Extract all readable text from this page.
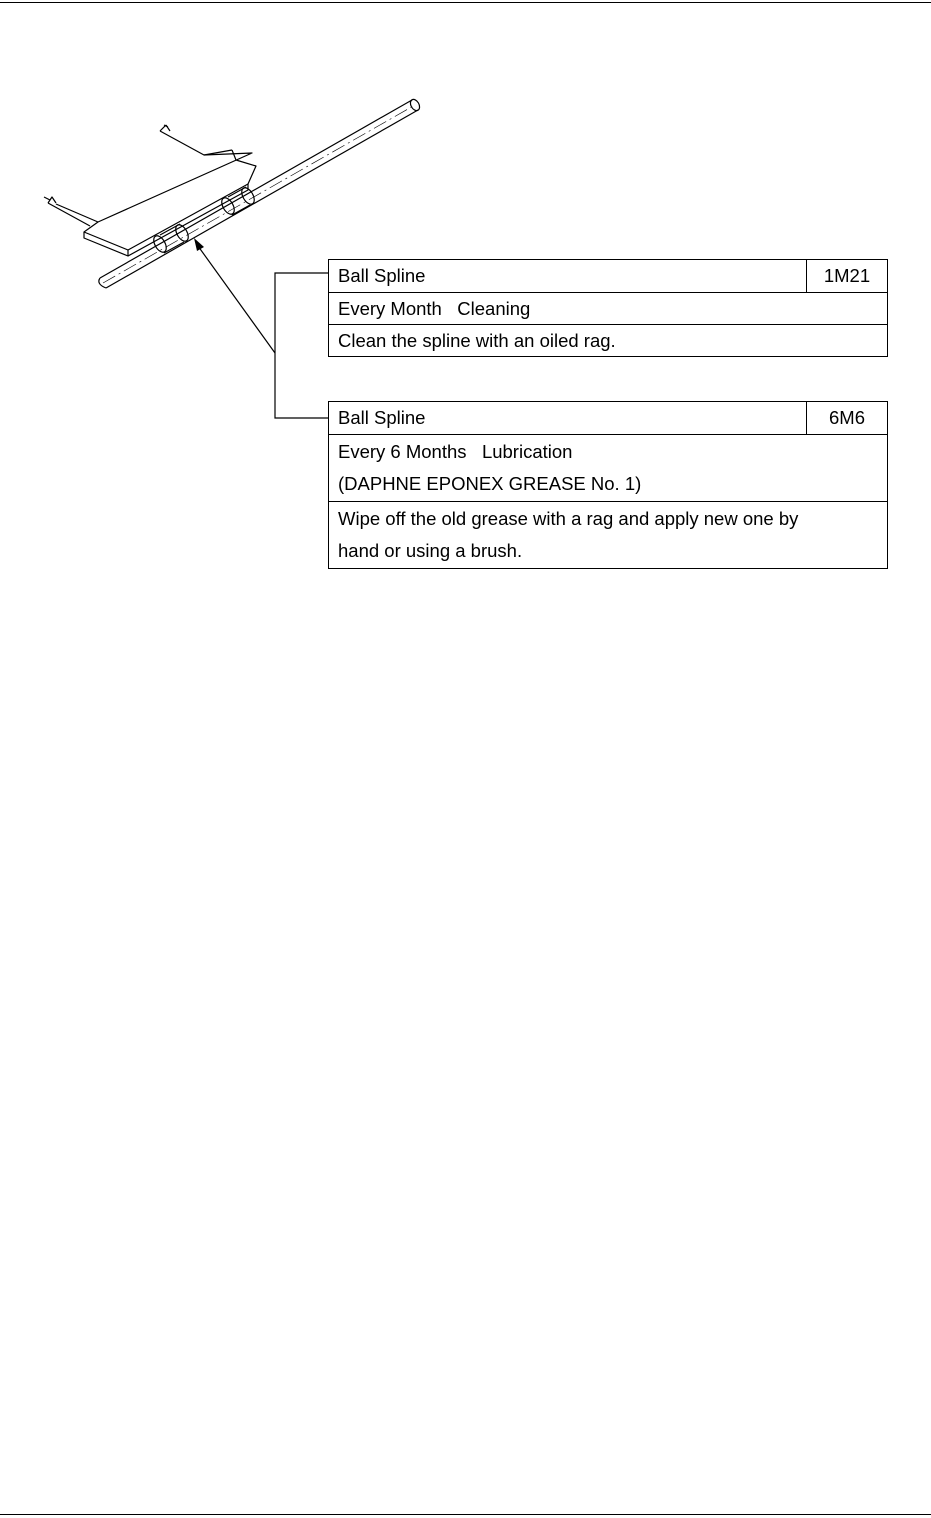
Ball Spline	1M21
Every Month   Cleaning
Clean the spline with an oiled rag.
Ball Spline	6M6
Every 6 Months   Lubrication
(DAPHNE EPONEX GREASE No. 1)
Wipe off the old grease with a rag and apply new one by
hand or using a brush.
